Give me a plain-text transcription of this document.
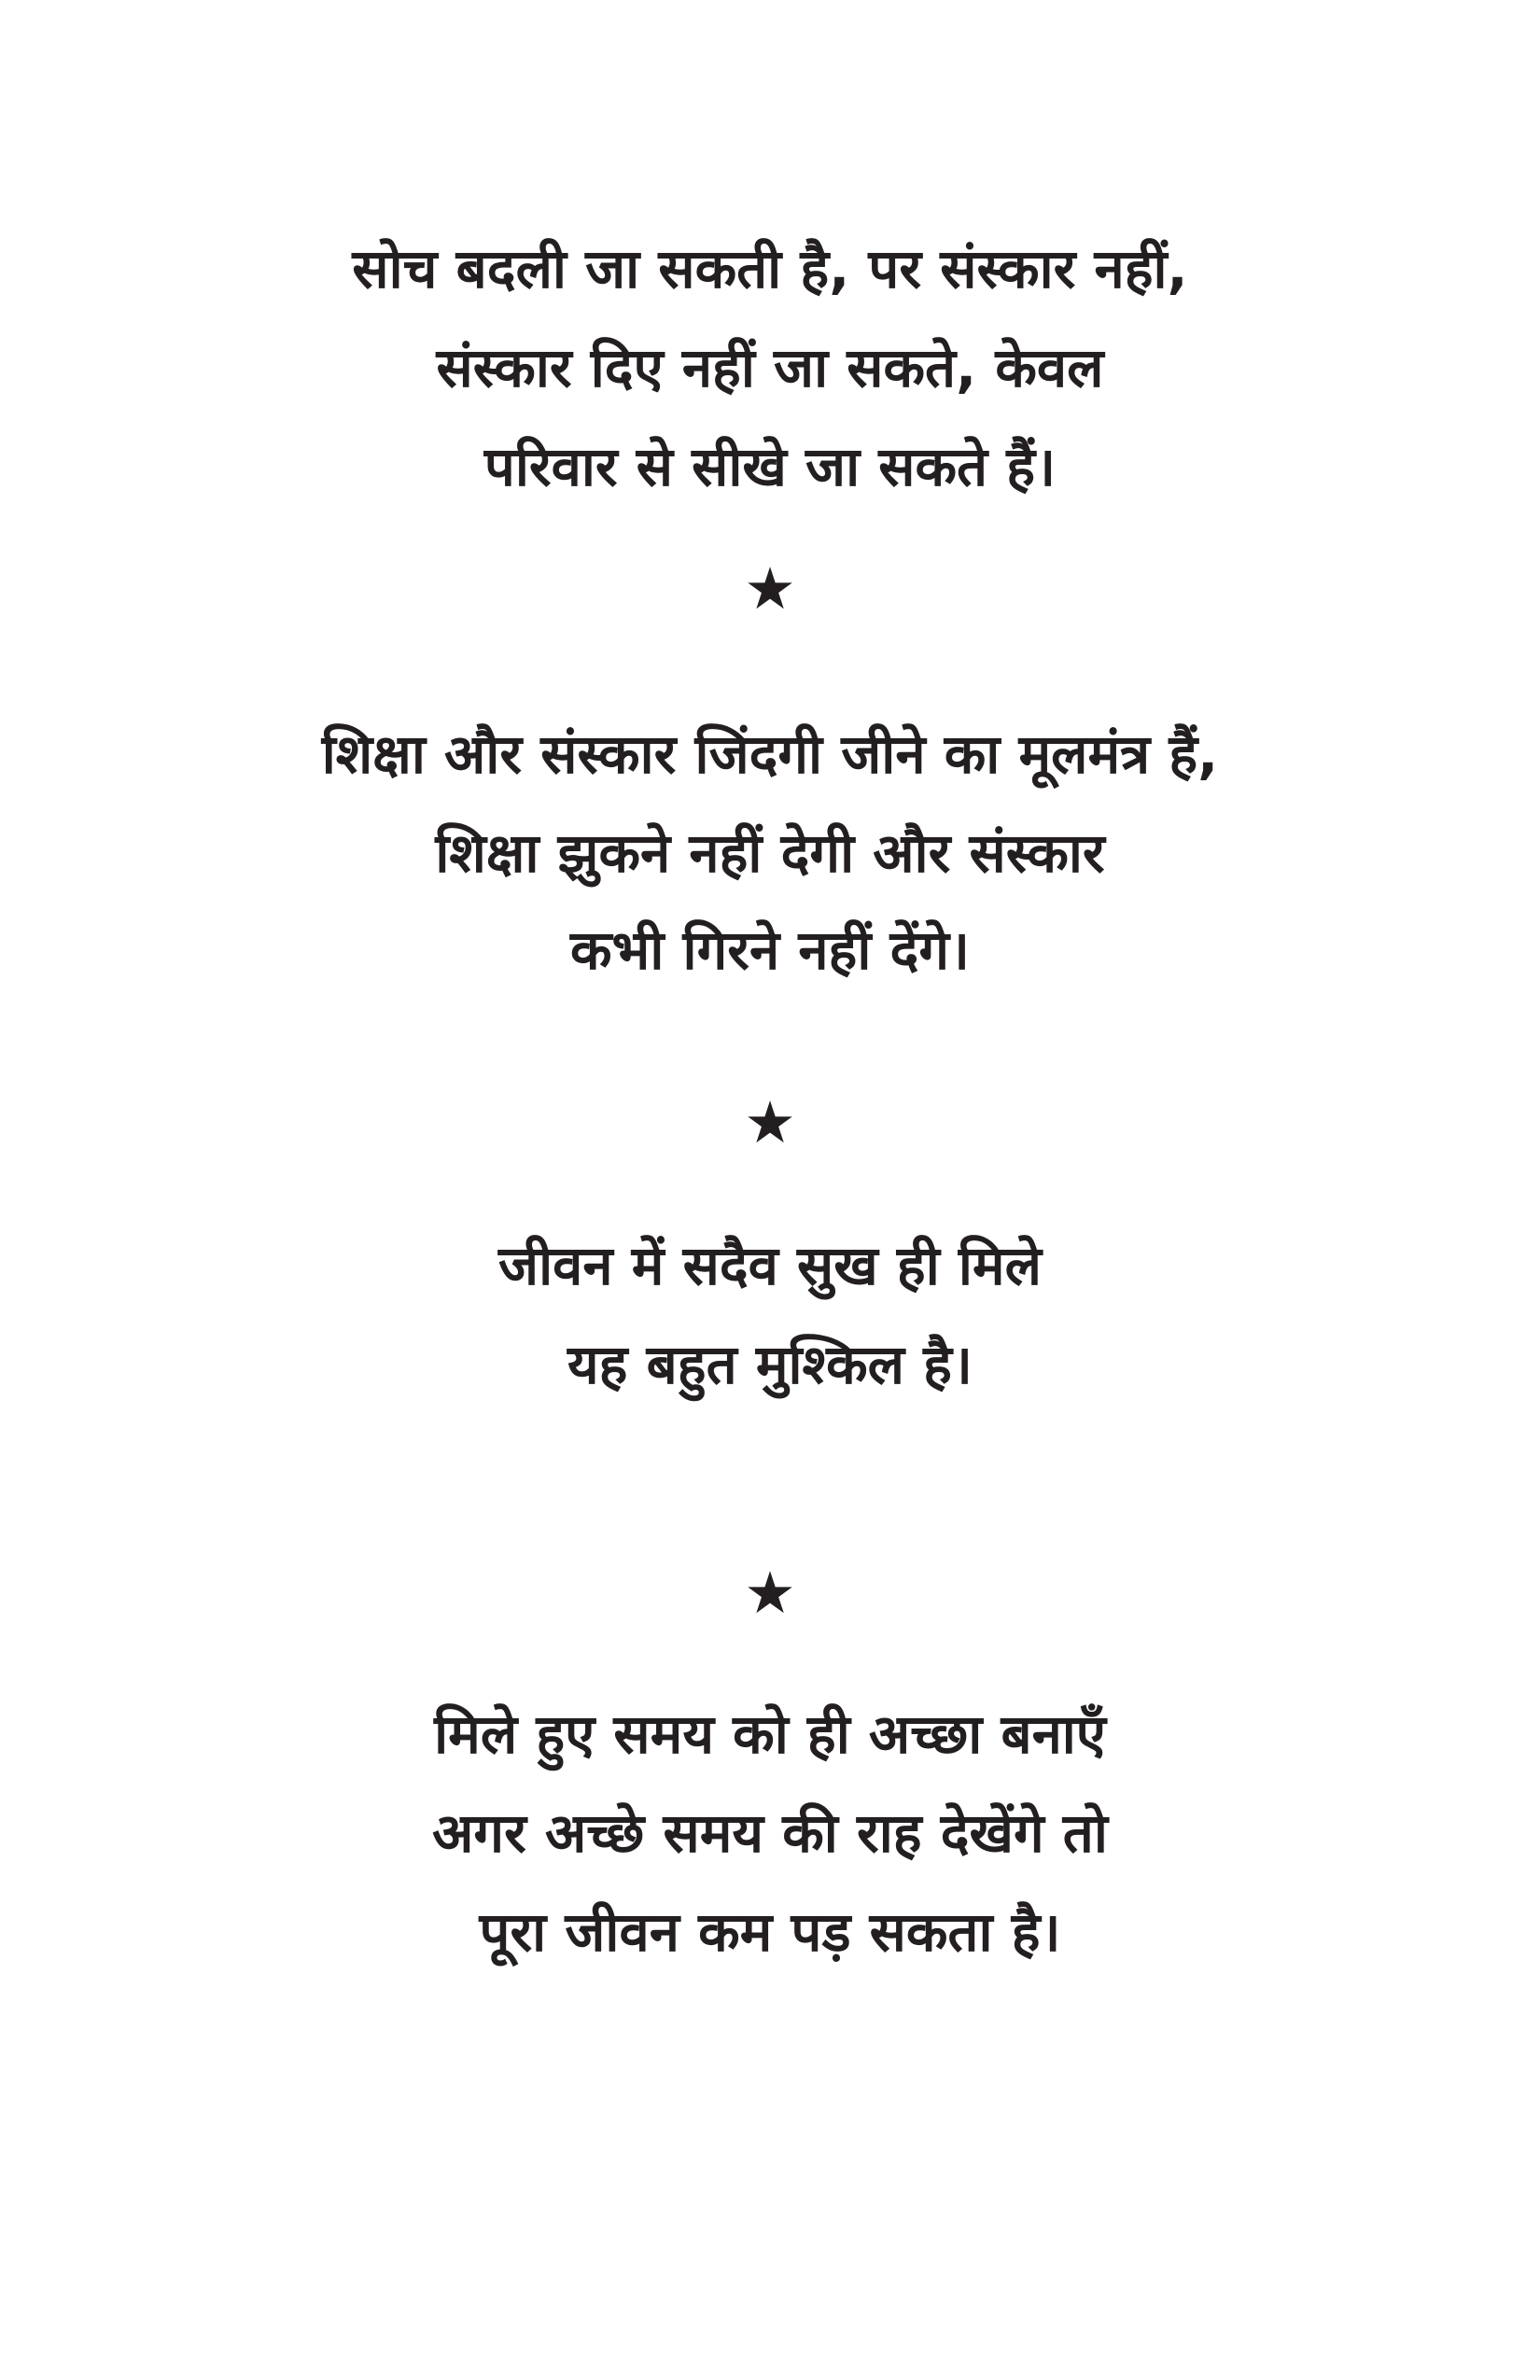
सोच बदली जा सकती है, पर संस्कार नहीं,
संस्कार दिए नहीं जा सकते, केवल
परिवार से सीखे जा सकते हैं।
★
शिक्षा और संस्कार जिंदगी जीने का मूलमंत्र हैं,
शिक्षा झुकने नहीं देगी और संस्कार
कभी गिरने नहीं देंगे।
★
जीवन में सदैव सुख ही मिले
यह बहुत मुश्किल है।
★
मिले हुए समय को ही अच्छा बनाएँ
अगर अच्छे समय की राह देखेंगे तो
पूरा जीवन कम पड़ सकता है।
